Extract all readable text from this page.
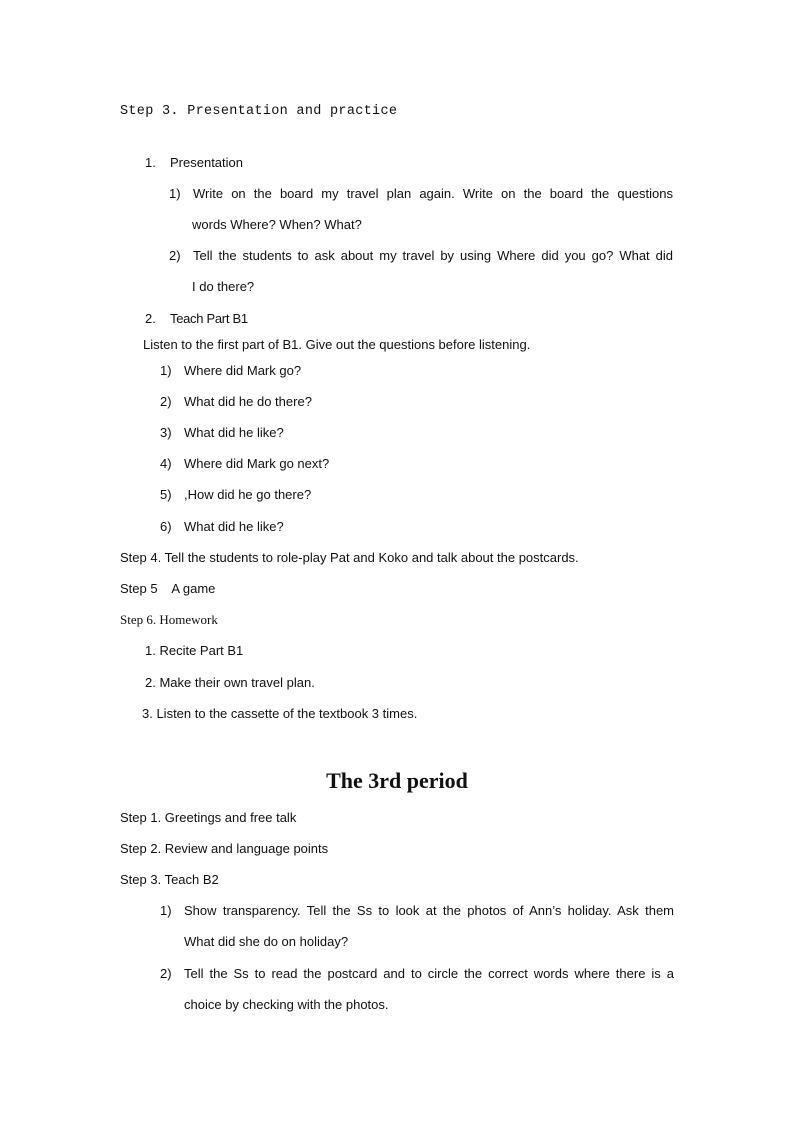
Step 3. Presentation and practice
1. Presentation
1) Write on the board my travel plan again. Write on the board the questions
words Where? When? What?
2) Tell the students to ask about my travel by using Where did you go? What did
I do there?
2. Teach Part B1
Listen to the first part of B1. Give out the questions before listening.
1) Where did Mark go?
2) What did he do there?
3) What did he like?
4) Where did Mark go next?
5) ,How did he go there?
6) What did he like?
Step 4. Tell the students to role-play Pat and Koko and talk about the postcards.
Step 5    A game
Step 6. Homework
1. Recite Part B1
2. Make their own travel plan.
3. Listen to the cassette of the textbook 3 times.
The 3rd period
Step 1. Greetings and free talk
Step 2. Review and language points
Step 3. Teach B2
1) Show transparency. Tell the Ss to look at the photos of Ann’s holiday. Ask them
What did she do on holiday?
2) Tell the Ss to read the postcard and to circle the correct words where there is a
choice by checking with the photos.
